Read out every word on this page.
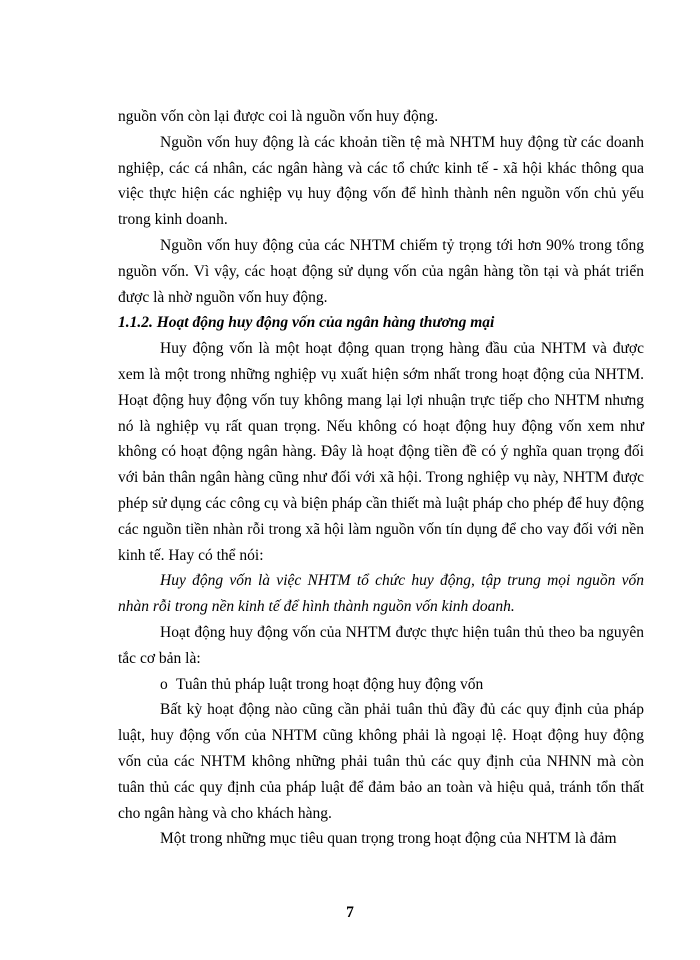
nguồn vốn còn lại được coi là nguồn vốn huy động.

Nguồn vốn huy động là các khoản tiền tệ mà NHTM huy động từ các doanh nghiệp, các cá nhân, các ngân hàng và các tổ chức kinh tế - xã hội khác thông qua việc thực hiện các nghiệp vụ huy động vốn để hình thành nên nguồn vốn chủ yếu trong kinh doanh.

Nguồn vốn huy động của các NHTM chiếm tỷ trọng tới hơn 90% trong tổng nguồn vốn. Vì vậy, các hoạt động sử dụng vốn của ngân hàng tồn tại và phát triển được là nhờ nguồn vốn huy động.

1.1.2. Hoạt động huy động vốn của ngân hàng thương mại

Huy động vốn là một hoạt động quan trọng hàng đầu của NHTM và được xem là một trong những nghiệp vụ xuất hiện sớm nhất trong hoạt động của NHTM. Hoạt động huy động vốn tuy không mang lại lợi nhuận trực tiếp cho NHTM nhưng nó là nghiệp vụ rất quan trọng. Nếu không có hoạt động huy động vốn xem như không có hoạt động ngân hàng. Đây là hoạt động tiền đề có ý nghĩa quan trọng đối với bản thân ngân hàng cũng như đối với xã hội. Trong nghiệp vụ này, NHTM được phép sử dụng các công cụ và biện pháp cần thiết mà luật pháp cho phép để huy động các nguồn tiền nhàn rỗi trong xã hội làm nguồn vốn tín dụng để cho vay đối với nền kinh tế. Hay có thể nói:

Huy động vốn là việc NHTM tổ chức huy động, tập trung mọi nguồn vốn nhàn rỗi trong nền kinh tế để hình thành nguồn vốn kinh doanh.

Hoạt động huy động vốn của NHTM được thực hiện tuân thủ theo ba nguyên tắc cơ bản là:

o Tuân thủ pháp luật trong hoạt động huy động vốn

Bất kỳ hoạt động nào cũng cần phải tuân thủ đầy đủ các quy định của pháp luật, huy động vốn của NHTM cũng không phải là ngoại lệ. Hoạt động huy động vốn của các NHTM không những phải tuân thủ các quy định của NHNN mà còn tuân thủ các quy định của pháp luật để đảm bảo an toàn và hiệu quả, tránh tổn thất cho ngân hàng và cho khách hàng.

Một trong những mục tiêu quan trọng trong hoạt động của NHTM là đảm

7
